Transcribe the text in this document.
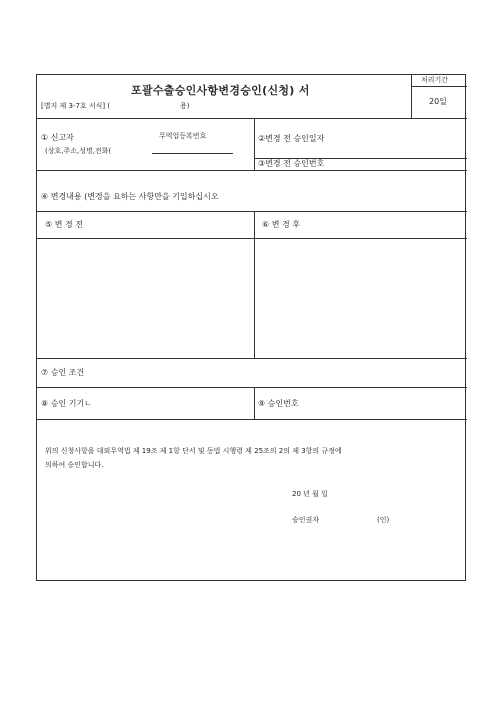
포괄수출승인사항변경승인(신청) 서
[별지 제 3-7호 서식] (	용)
처리기간
20일
① 신고자
(상호,주소,성명,전화(
무역업등록번호	②변경 전 승인일자
③변경 전 승인번호
④ 변경내용 (변경을 요하는 사항만을 기입하십시오
⑤ 변 경 전	⑥ 변 경 후
⑦ 승인 조건
⑧ 승인 기기ㄴ	⑨ 승인번호
위의 신청사항을 대외무역법 제 19조 제 1항 단서 및 동법 시행령 제 25조의 2의 제 3항의 규정에
의하여 승인합니다.
20 년 월 일
승인권자	(인)
